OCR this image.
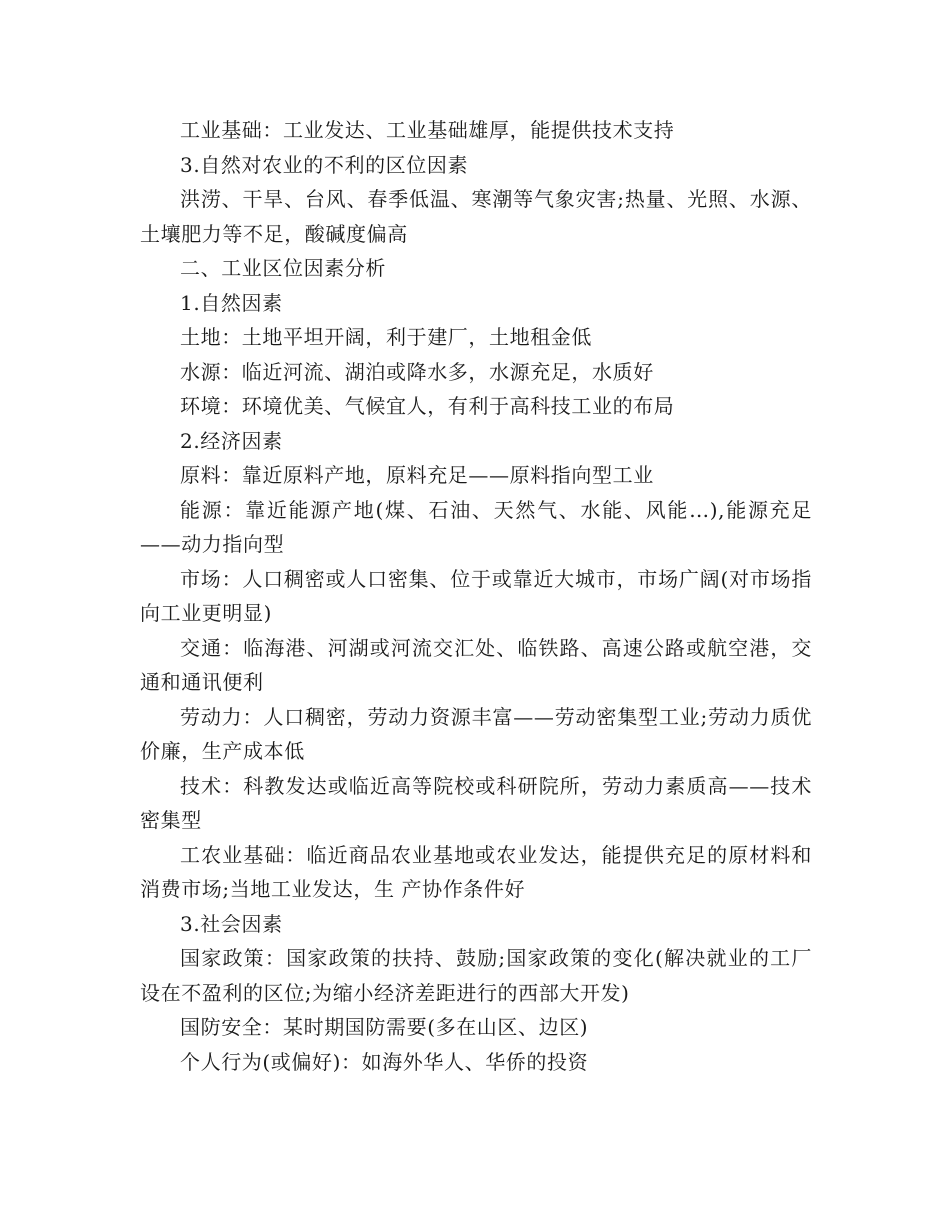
工业基础：工业发达、工业基础雄厚，能提供技术支持

3.自然对农业的不利的区位因素

洪涝、干旱、台风、春季低温、寒潮等气象灾害;热量、光照、水源、土壤肥力等不足，酸碱度偏高

二、工业区位因素分析

1.自然因素

土地：土地平坦开阔，利于建厂，土地租金低

水源：临近河流、湖泊或降水多，水源充足，水质好

环境：环境优美、气候宜人，有利于高科技工业的布局

2.经济因素

原料：靠近原料产地，原料充足——原料指向型工业

能源：靠近能源产地(煤、石油、天然气、水能、风能…),能源充足——动力指向型

市场：人口稠密或人口密集、位于或靠近大城市，市场广阔(对市场指向工业更明显)

交通：临海港、河湖或河流交汇处、临铁路、高速公路或航空港，交通和通讯便利

劳动力：人口稠密，劳动力资源丰富——劳动密集型工业;劳动力质优价廉，生产成本低

技术：科教发达或临近高等院校或科研院所，劳动力素质高——技术密集型

工农业基础：临近商品农业基地或农业发达，能提供充足的原材料和消费市场;当地工业发达，生 产协作条件好

3.社会因素

国家政策：国家政策的扶持、鼓励;国家政策的变化(解决就业的工厂设在不盈利的区位;为缩小经济差距进行的西部大开发)

国防安全：某时期国防需要(多在山区、边区)

个人行为(或偏好)：如海外华人、华侨的投资
